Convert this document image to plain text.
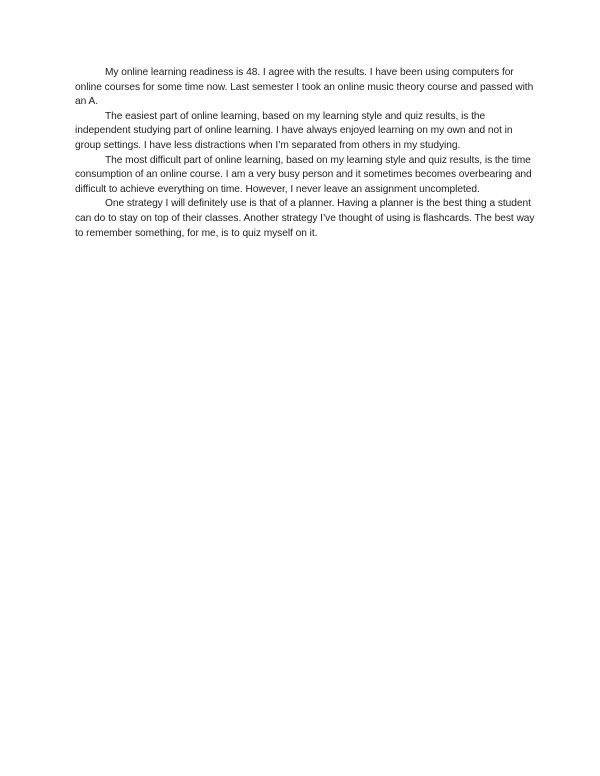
My online learning readiness is 48. I agree with the results. I have been using computers for online courses for some time now. Last semester I took an online music theory course and passed with an A.

The easiest part of online learning, based on my learning style and quiz results, is the independent studying part of online learning. I have always enjoyed learning on my own and not in group settings. I have less distractions when I’m separated from others in my studying.

The most difficult part of online learning, based on my learning style and quiz results, is the time consumption of an online course. I am a very busy person and it sometimes becomes overbearing and difficult to achieve everything on time. However, I never leave an assignment uncompleted.

One strategy I will definitely use is that of a planner. Having a planner is the best thing a student can do to stay on top of their classes. Another strategy I’ve thought of using is flashcards. The best way to remember something, for me, is to quiz myself on it.
